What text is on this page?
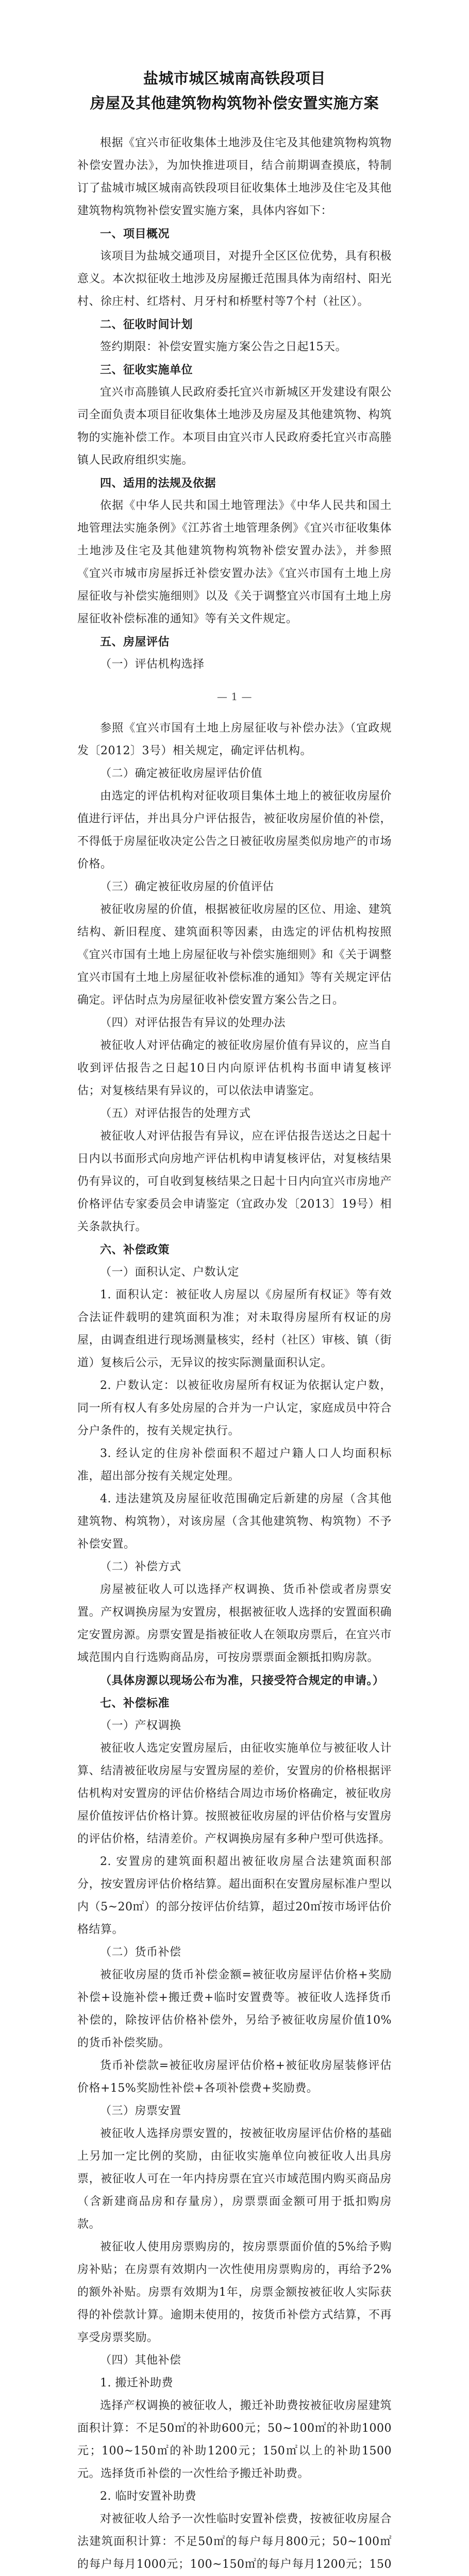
盐城市城区城南高铁段项目
房屋及其他建筑物构筑物补偿安置实施方案

根据《宜兴市征收集体土地涉及住宅及其他建筑物构筑物补偿安置办法》，为加快推进项目，结合前期调查摸底，特制订了盐城市城区城南高铁段项目征收集体土地涉及住宅及其他建筑物构筑物补偿安置实施方案，具体内容如下：

一、项目概况

该项目为盐城交通项目，对提升全区区位优势，具有积极意义。本次拟征收土地涉及房屋搬迁范围具体为南绍村、阳光村、徐庄村、红塔村、月牙村和桥墅村等7个村（社区）。

二、征收时间计划

签约期限：补偿安置实施方案公告之日起15天。

三、征收实施单位

宜兴市高塍镇人民政府委托宜兴市新城区开发建设有限公司全面负责本项目征收集体土地涉及房屋及其他建筑物、构筑物的实施补偿工作。本项目由宜兴市人民政府委托宜兴市高塍镇人民政府组织实施。

四、适用的法规及依据

依据《中华人民共和国土地管理法》《中华人民共和国土地管理法实施条例》《江苏省土地管理条例》《宜兴市征收集体土地涉及住宅及其他建筑物构筑物补偿安置办法》，并参照《宜兴市城市房屋拆迁补偿安置办法》《宜兴市国有土地上房屋征收与补偿实施细则》以及《关于调整宜兴市国有土地上房屋征收补偿标准的通知》等有关文件规定。

五、房屋评估

（一）评估机构选择

— 1 —

参照《宜兴市国有土地上房屋征收与补偿办法》（宜政规发〔2012〕3号）相关规定，确定评估机构。

（二）确定被征收房屋评估价值

由选定的评估机构对征收项目集体土地上的被征收房屋价值进行评估，并出具分户评估报告，被征收房屋价值的补偿，不得低于房屋征收决定公告之日被征收房屋类似房地产的市场价格。

（三）确定被征收房屋的价值评估

被征收房屋的价值，根据被征收房屋的区位、用途、建筑结构、新旧程度、建筑面积等因素，由选定的评估机构按照《宜兴市国有土地上房屋征收与补偿实施细则》和《关于调整宜兴市国有土地上房屋征收补偿标准的通知》等有关规定评估确定。评估时点为房屋征收补偿安置方案公告之日。

（四）对评估报告有异议的处理办法

被征收人对评估确定的被征收房屋价值有异议的，应当自收到评估报告之日起10日内向原评估机构书面申请复核评估；对复核结果有异议的，可以依法申请鉴定。

（五）对评估报告的处理方式

被征收人对评估报告有异议，应在评估报告送达之日起十日内以书面形式向房地产评估机构申请复核评估，对复核结果仍有异议的，可自收到复核结果之日起十日内向宜兴市房地产价格评估专家委员会申请鉴定（宜政办发〔2013〕19号）相关条款执行。

六、补偿政策

（一）面积认定、户数认定

1. 面积认定：被征收人房屋以《房屋所有权证》等有效合法证件载明的建筑面积为准；对未取得房屋所有权证的房屋，由调查组进行现场测量核实，经村（社区）审核、镇（街道）复核后公示，无异议的按实际测量面积认定。

2. 户数认定：以被征收房屋所有权证为依据认定户数，同一所有权人有多处房屋的合并为一户认定，家庭成员中符合分户条件的，按有关规定执行。

3. 经认定的住房补偿面积不超过户籍人口人均面积标准，超出部分按有关规定处理。

4. 违法建筑及房屋征收范围确定后新建的房屋（含其他建筑物、构筑物），对该房屋（含其他建筑物、构筑物）不予补偿安置。

（二）补偿方式

房屋被征收人可以选择产权调换、货币补偿或者房票安置。产权调换房屋为安置房，根据被征收人选择的安置面积确定安置房源。房票安置是指被征收人在领取房票后，在宜兴市域范围内自行选购商品房，可按房票票面金额抵扣购房款。

（具体房源以现场公布为准，只接受符合规定的申请。）

七、补偿标准

（一）产权调换

被征收人选定安置房屋后，由征收实施单位与被征收人计算、结清被征收房屋与安置房屋的差价，安置房的价格根据评估机构对安置房的评估价格结合周边市场价格确定，被征收房屋价值按评估价格计算。按照被征收房屋的评估价格与安置房的评估价格，结清差价。产权调换房屋有多种户型可供选择。

2. 安置房的建筑面积超出被征收房屋合法建筑面积部分，按安置房评估价格结算。超出面积在安置房屋标准户型以内（5~20㎡）的部分按评估价结算，超过20㎡按市场评估价格结算。

（二）货币补偿

被征收房屋的货币补偿金额=被征收房屋评估价格+奖励补偿+设施补偿+搬迁费+临时安置费等。被征收人选择货币补偿的，除按评估价格补偿外，另给予被征收房屋价值10%的货币补偿奖励。

货币补偿款=被征收房屋评估价格+被征收房屋装修评估价格+15%奖励性补偿+各项补偿费+奖励费。

（三）房票安置

被征收人选择房票安置的，按被征收房屋评估价格的基础上另加一定比例的奖励，由征收实施单位向被征收人出具房票，被征收人可在一年内持房票在宜兴市域范围内购买商品房（含新建商品房和存量房），房票票面金额可用于抵扣购房款。

被征收人使用房票购房的，按房票票面价值的5%给予购房补贴；在房票有效期内一次性使用房票购房的，再给予2%的额外补贴。房票有效期为1年，房票金额按被征收人实际获得的补偿款计算。逾期未使用的，按货币补偿方式结算，不再享受房票奖励。

（四）其他补偿

1. 搬迁补助费

选择产权调换的被征收人，搬迁补助费按被征收房屋建筑面积计算：不足50㎡的补助600元；50~100㎡的补助1000元；100~150㎡的补助1200元；150㎡以上的补助1500元。选择货币补偿的一次性给予搬迁补助费。

2. 临时安置补助费

对被征收人给予一次性临时安置补偿费，按被征收房屋合法建筑面积计算：不足50㎡的每户每月800元；50~100㎡的每户每月1000元；100~150㎡的每户每月1200元；150
